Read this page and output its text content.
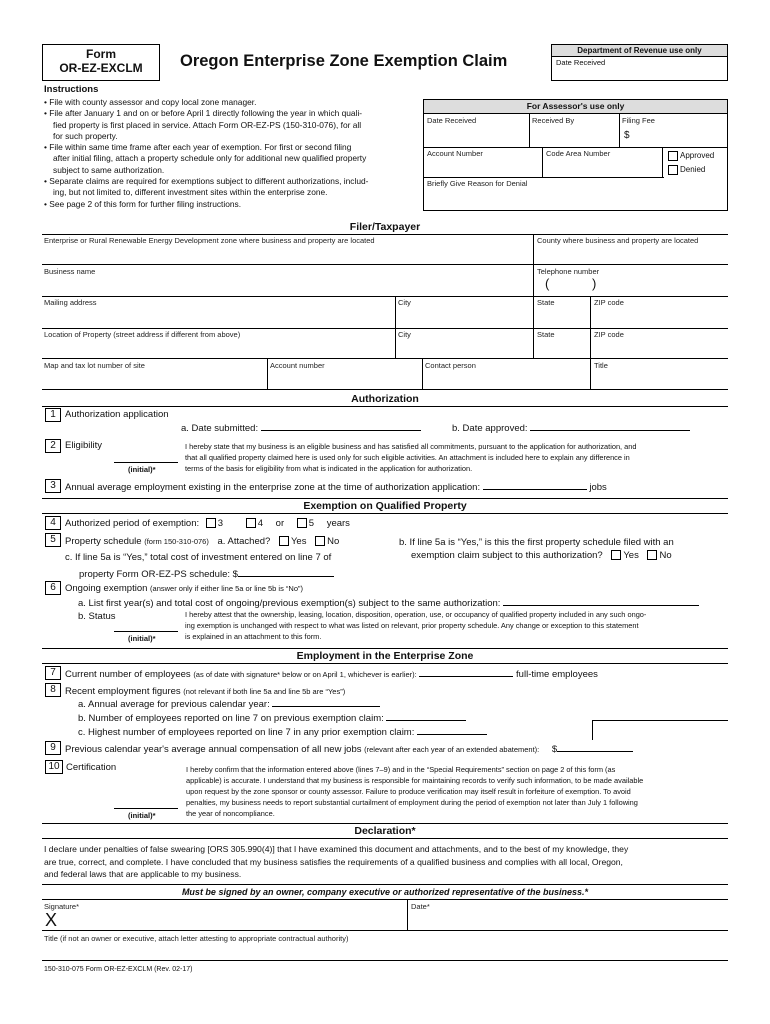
Form
OR-EZ-EXCLM	Oregon Enterprise Zone Exemption Claim
Department of Revenue use only
Date Received
Instructions
• File with county assessor and copy local zone manager.
• File after January 1 and on or before April 1 directly following the year in which quali-
fied property is first placed in service. Attach Form OR-EZ-PS (150-310-076), for all
for such property.
• File within same time frame after each year of exemption. For first or second filing
after initial filing, attach a property schedule only for additional new qualified property
subject to same authorization.
• Separate claims are required for exemptions subject to different authorizations, includ-
ing, but not limited to, different investment sites within the enterprise zone.
• See page 2 of this form for further filing instructions.
For Assessor's use only
Date Received	Received By	Filing Fee
$
Account Number	Code Area Number	Approved
Denied
Briefly Give Reason for Denial
Filer/Taxpayer
Enterprise or Rural Renewable Energy Development zone where business and property are located	County where business and property are located
Business name	Telephone number
(	)
Mailing address	City	State	ZIP code
Location of Property (street address if different from above)	City	State	ZIP code
Map and tax lot number of site	Account number	Contact person	Title
Authorization
1 Authorization application
a. Date submitted:	b. Date approved:
2 Eligibility	I hereby state that my business is an eligible business and has satisfied all commitments, pursuant to the application for authorization, and
that all qualified property claimed here is used only for such eligible activities. An attachment is included here to explain any difference in
terms of the basis for eligibility from what is indicated in the application for authorization.
(initial)*
3 Annual average employment existing in the enterprise zone at the time of authorization application:	jobs
Exemption on Qualified Property
4 Authorized period of exemption: 3	4 or	5 years
5 Property schedule (form 150-310-076) a. Attached? Yes No	b. If line 5a is “Yes,” is this the first property schedule filed with an
exemption claim subject to this authorization? Yes No
c. If line 5a is “Yes,” total cost of investment entered on line 7 of
property Form OR-EZ-PS schedule: $
6 Ongoing exemption (answer only if either line 5a or line 5b is “No”)
a. List first year(s) and total cost of ongoing/previous exemption(s) subject to the same authorization:
b. Status	I hereby attest that the ownership, leasing, location, disposition, operation, use, or occupancy of qualified property included in any such ongo-
ing exemption is unchanged with respect to what was listed on relevant, prior property schedule. Any change or exception to this statement
is explained in an attachment to this form.
(initial)*
Employment in the Enterprise Zone
7 Current number of employees (as of date with signature* below or on April 1, whichever is earlier):	full-time employees
8 Recent employment figures (not relevant if both line 5a and line 5b are “Yes”)
a. Annual average for previous calendar year:
b. Number of employees reported on line 7 on previous exemption claim:
c. Highest number of employees reported on line 7 in any prior exemption claim:
9 Previous calendar year's average annual compensation of all new jobs (relevant after each year of an extended abatement): $
10 Certification	I hereby confirm that the information entered above (lines 7–9) and in the “Special Requirements” section on page 2 of this form (as
applicable) is accurate. I understand that my business is responsible for maintaining records to verify such information, to be made available
upon request by the zone sponsor or county assessor. Failure to produce verification may itself result in forfeiture of exemption. To avoid
penalties, my business needs to report substantial curtailment of employment during the period of exemption not later than July 1 following
the year of noncompliance.
(initial)*
Declaration*
I declare under penalties of false swearing [ORS 305.990(4)] that I have examined this document and attachments, and to the best of my knowledge, they
are true, correct, and complete. I have concluded that my business satisfies the requirements of a qualified business and complies with all local, Oregon,
and federal laws that are applicable to my business.
Must be signed by an owner, company executive or authorized representative of the business.*
Signature*
X
Date*
Title (if not an owner or executive, attach letter attesting to appropriate contractual authority)
150-310-075 Form OR-EZ-EXCLM (Rev. 02-17)
